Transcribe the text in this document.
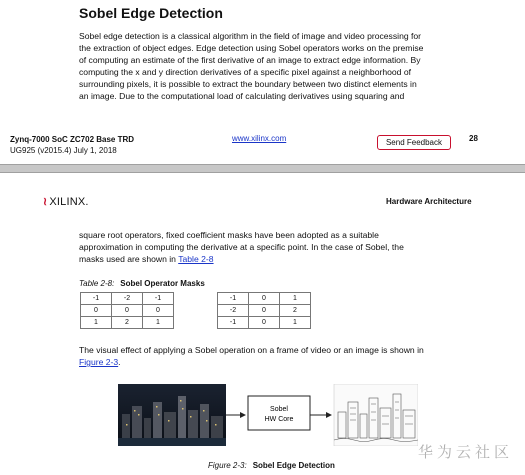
Sobel Edge Detection
Sobel edge detection is a classical algorithm in the field of image and video processing for
the extraction of object edges. Edge detection using Sobel operators works on the premise
of computing an estimate of the first derivative of an image to extract edge information. By
computing the x and y direction derivatives of a specific pixel against a neighborhood of
surrounding pixels, it is possible to extract the boundary between two distinct elements in
an image. Due to the computational load of calculating derivatives using squaring and
Zynq-7000 SoC ZC702 Base TRD
UG925 (v2015.4) July 1, 2018
www.xilinx.com	Send Feedback	28
≀ XILINX.	Hardware Architecture
square root operators, fixed coefficient masks have been adopted as a suitable
approximation in computing the derivative at a specific point. In the case of Sobel, the
masks used are shown in Table 2-8
Table 2-8: Sobel Operator Masks
-1	-2	-1
0	0	0
1	2	1
-1	0	1
-2	0	2
-1	0	1
The visual effect of applying a Sobel operation on a frame of video or an image is shown in
Figure 2-3.
Sobel
HW Core
Figure 2-3: Sobel Edge Detection
华为云社区
